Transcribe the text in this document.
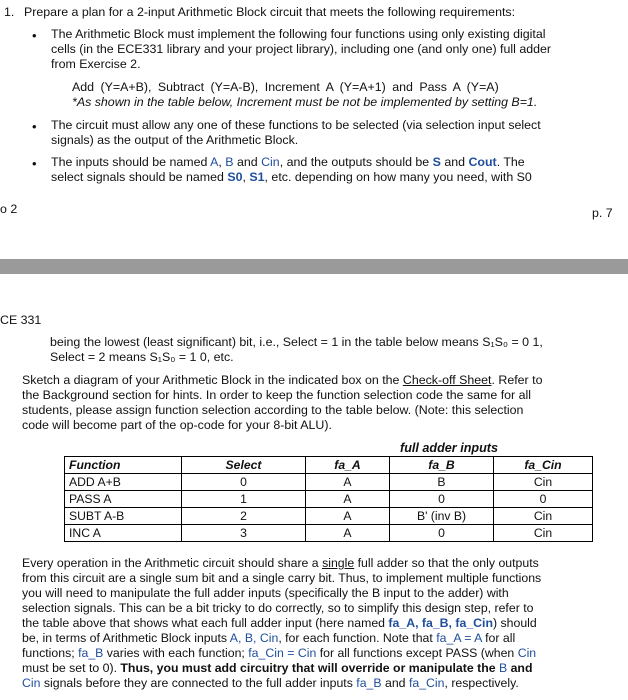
1. Prepare a plan for a 2-input Arithmetic Block circuit that meets the following requirements:
• The Arithmetic Block must implement the following four functions using only existing digital
cells (in the ECE331 library and your project library), including one (and only one) full adder
from Exercise 2.
Add (Y=A+B), Subtract (Y=A-B), Increment A (Y=A+1) and Pass A (Y=A)
*As shown in the table below, Increment must be not be implemented by setting B=1.
• The circuit must allow any one of these functions to be selected (via selection input select
signals) as the output of the Arithmetic Block.
• The inputs should be named A, B and Cin, and the outputs should be S and Cout. The
select signals should be named S0, S1, etc. depending on how many you need, with S0
o 2	p. 7
CE 331
being the lowest (least significant) bit, i.e., Select = 1 in the table below means S₁S₀ = 0 1,
Select = 2 means S₁S₀ = 1 0, etc.
Sketch a diagram of your Arithmetic Block in the indicated box on the Check-off Sheet. Refer to
the Background section for hints. In order to keep the function selection code the same for all
students, please assign function selection according to the table below. (Note: this selection
code will become part of the op-code for your 8-bit ALU).
		full adder inputs		
Function	Select	fa_A	fa_B	fa_Cin
ADD A+B	0	A	B	Cin
PASS A	1	A	0	0
SUBT A-B	2	A	B' (inv B)	Cin
INC A	3	A	0	Cin
Every operation in the Arithmetic circuit should share a single full adder so that the only outputs
from this circuit are a single sum bit and a single carry bit. Thus, to implement multiple functions
you will need to manipulate the full adder inputs (specifically the B input to the adder) with
selection signals. This can be a bit tricky to do correctly, so to simplify this design step, refer to
the table above that shows what each full adder input (here named fa_A, fa_B, fa_Cin) should
be, in terms of Arithmetic Block inputs A, B, Cin, for each function. Note that fa_A = A for all
functions; fa_B varies with each function; fa_Cin = Cin for all functions except PASS (when Cin
must be set to 0). Thus, you must add circuitry that will override or manipulate the B and
Cin signals before they are connected to the full adder inputs fa_B and fa_Cin, respectively.
